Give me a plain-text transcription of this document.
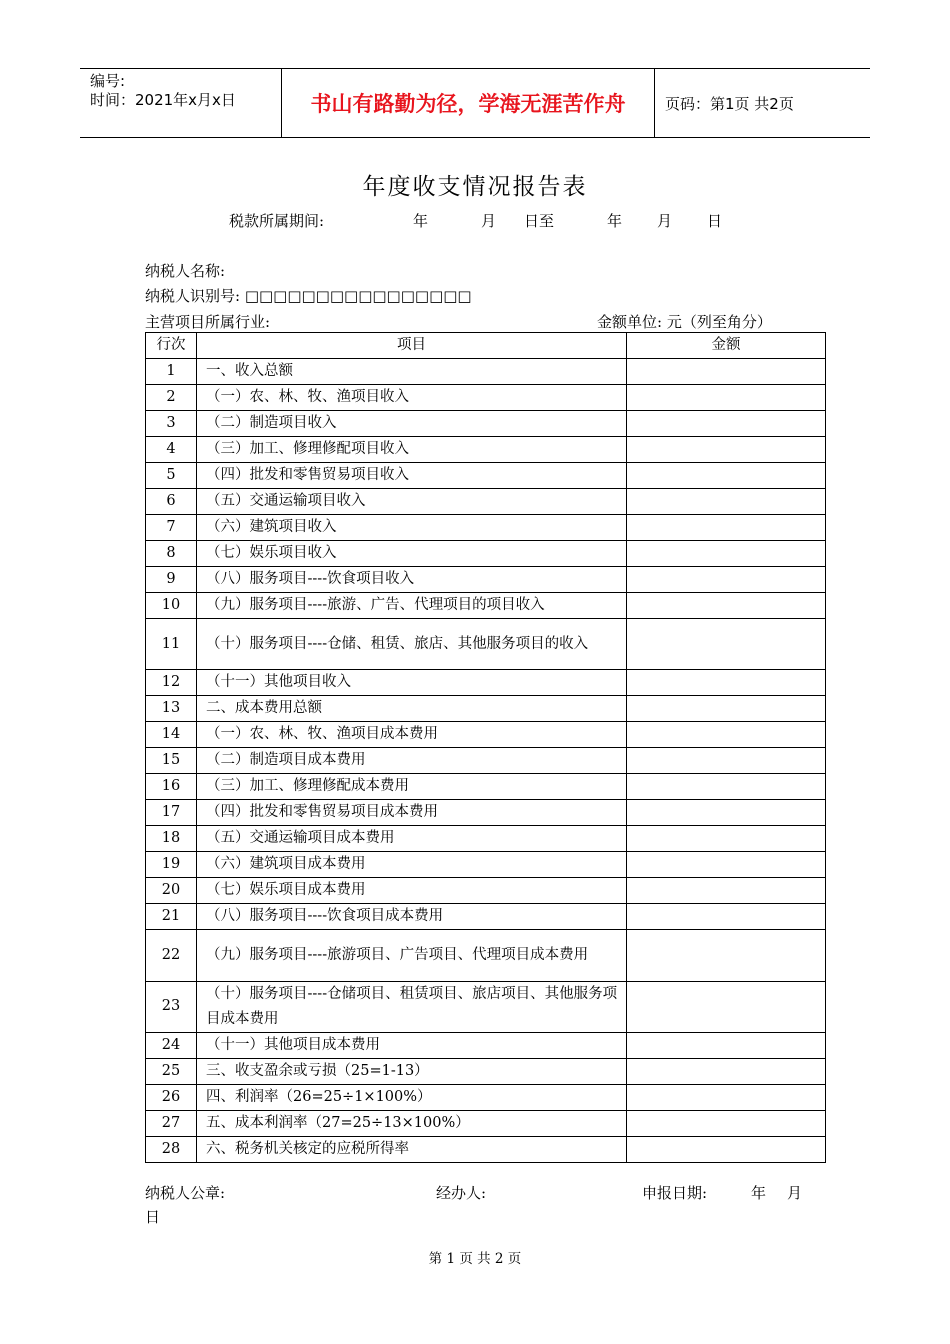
编号:
时间：2021年x月x日	书山有路勤为径，学海无涯苦作舟	页码：第1页 共2页
年度收支情况报告表
税款所属期间:	年	月 日至	年 月 日
纳税人名称:
纳税人识别号: □□□□□□□□□□□□□□□□
主营项目所属行业:	金额单位: 元（列至角分）
行次	项目	金额
1	一、收入总额	
2	（一）农、林、牧、渔项目收入	
3	（二）制造项目收入	
4	（三）加工、修理修配项目收入	
5	（四）批发和零售贸易项目收入	
6	（五）交通运输项目收入	
7	（六）建筑项目收入	
8	（七）娱乐项目收入	
9	（八）服务项目----饮食项目收入	
10	（九）服务项目----旅游、广告、代理项目的项目收入	
11	（十）服务项目----仓储、租赁、旅店、其他服务项目的收入	
12	（十一）其他项目收入	
13	二、成本费用总额	
14	（一）农、林、牧、渔项目成本费用	
15	（二）制造项目成本费用	
16	（三）加工、修理修配成本费用	
17	（四）批发和零售贸易项目成本费用	
18	（五）交通运输项目成本费用	
19	（六）建筑项目成本费用	
20	（七）娱乐项目成本费用	
21	（八）服务项目----饮食项目成本费用	
22	（九）服务项目----旅游项目、广告项目、代理项目成本费用	
23	（十）服务项目----仓储项目、租赁项目、旅店项目、其他服务项目成本费用	
24	（十一）其他项目成本费用	
25	三、收支盈余或亏损（25=1-13）	
26	四、利润率（26=25÷1×100%）	
27	五、成本利润率（27=25÷13×100%）	
28	六、税务机关核定的应税所得率	
纳税人公章:	经办人:	申报日期:	年 月
日
第 1 页 共 2 页
